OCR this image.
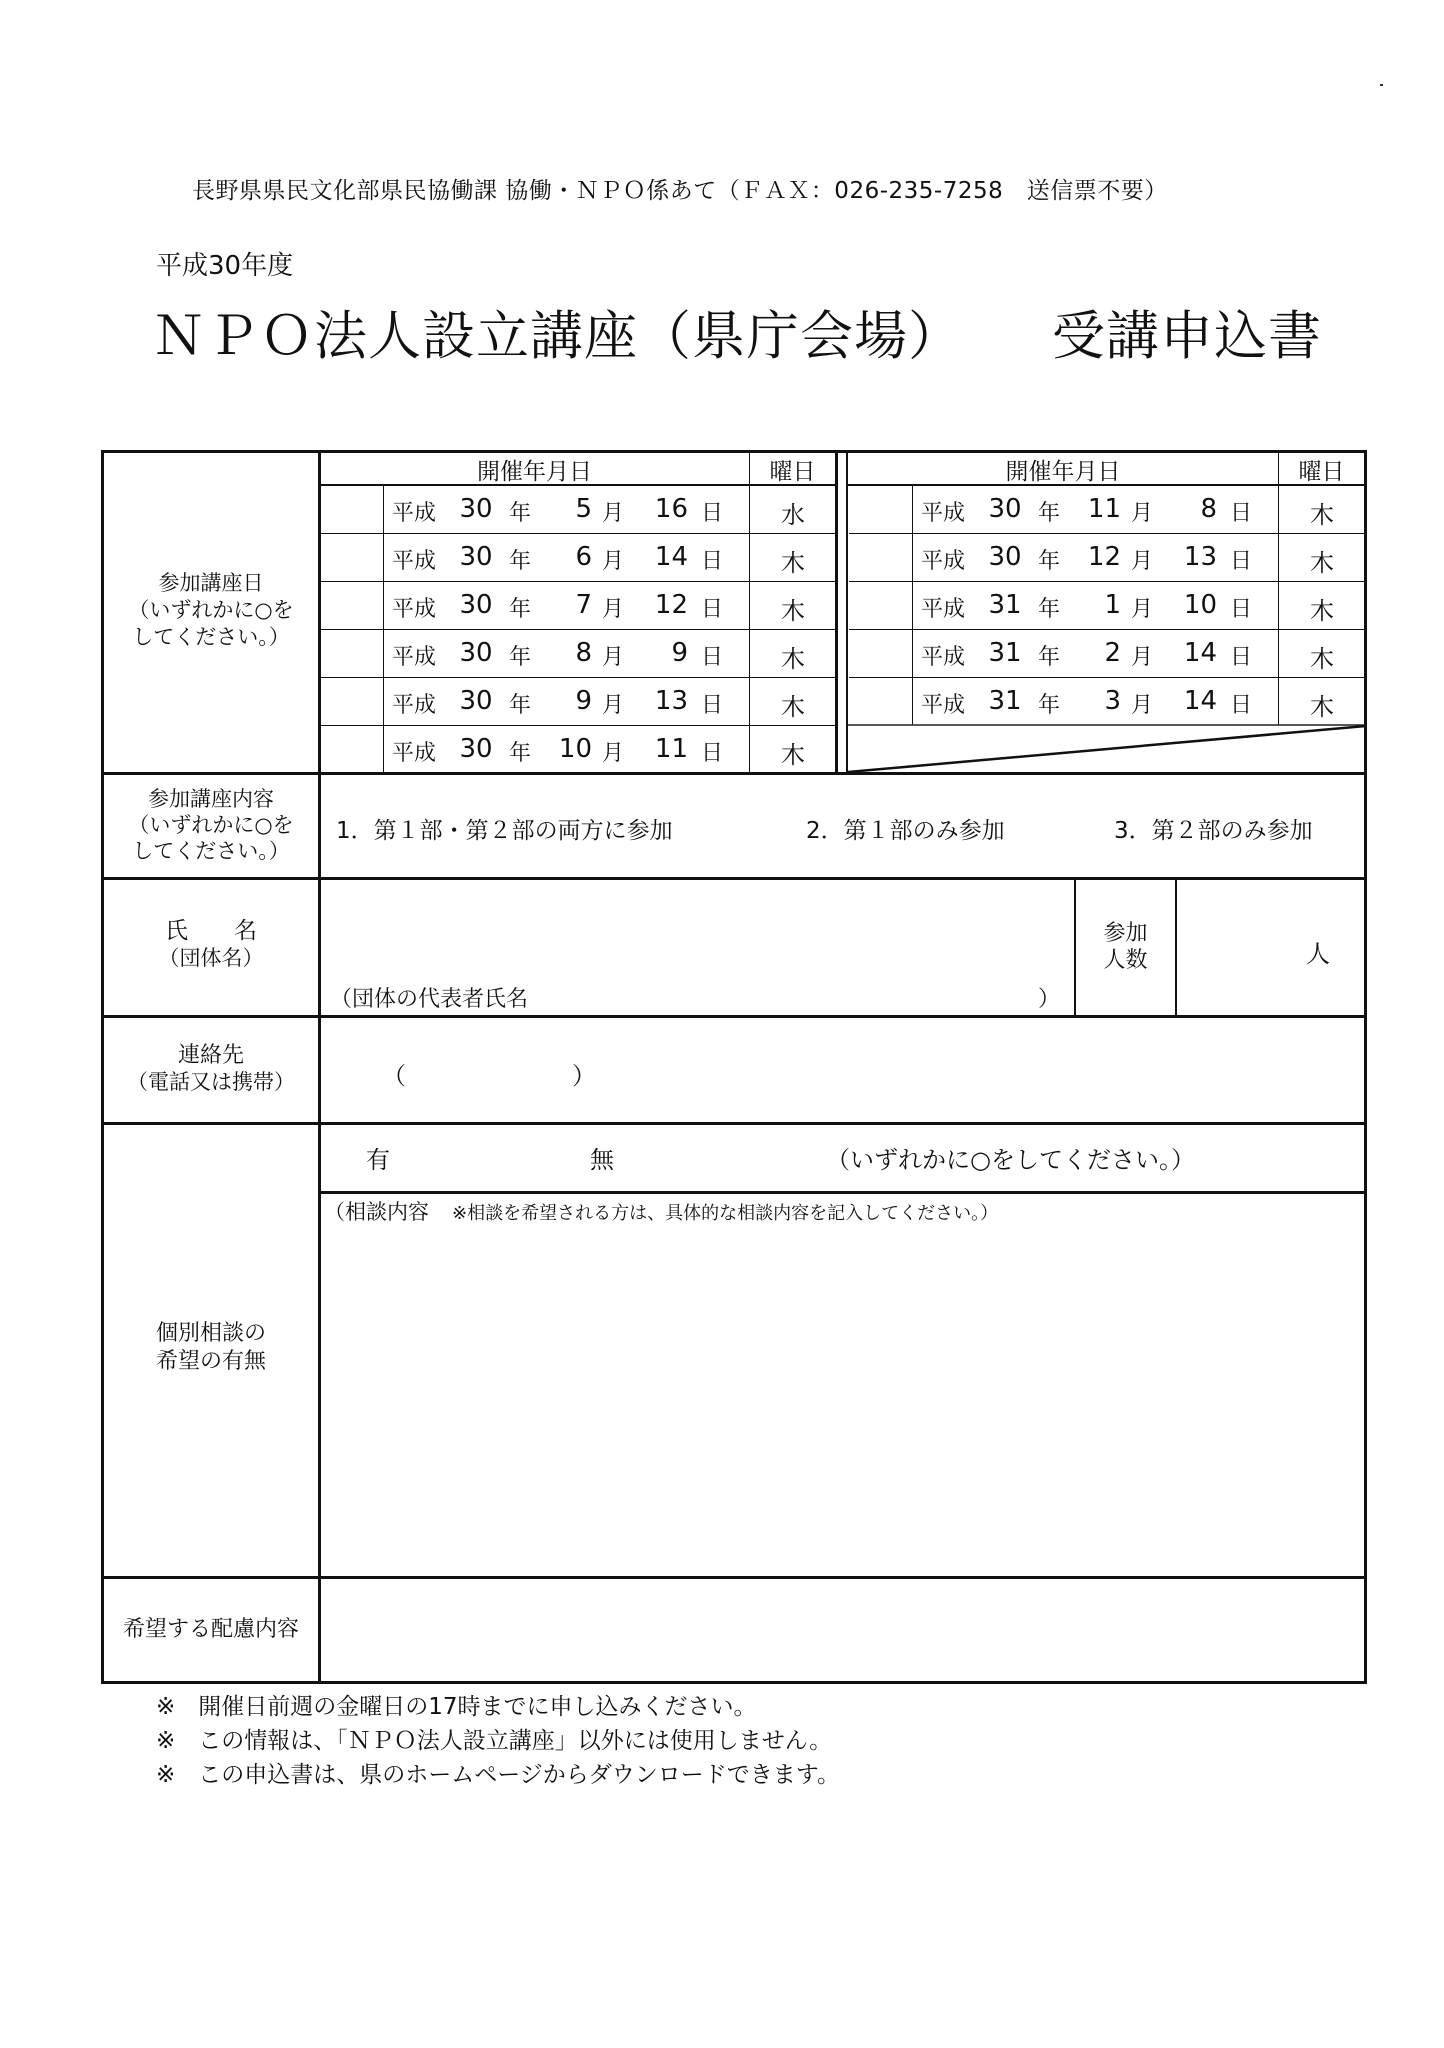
長野県県民文化部県民協働課 協働・ＮＰＯ係あて（ＦＡＸ：026-235-7258　送信票不要）
平成30年度
ＮＰＯ法人設立講座（県庁会場） 受講申込書
参加講座日
（いずれかに○を
してください。）
開催年月日	曜日	開催年月日	曜日
平成 30 年	5 月	16 日	水
平成 30 年	6 月	14 日	木
平成 30 年	7 月	12 日	木
平成 30 年	8 月	9 日	木
平成 30 年	9 月	13 日	木
平成 30 年	10 月	11 日	木
平成 30 年	11 月	8 日	木
平成 30 年	12 月	13 日	木
平成 31 年	1 月	10 日	木
平成 31 年	2 月	14 日	木
平成 31 年	3 月	14 日	木
参加講座内容
（いずれかに○を
してください。）
1．第１部・第２部の両方に参加	2．第１部のみ参加	3．第２部のみ参加
氏　　名
（団体名）
（団体の代表者氏名	）
参加
人数	人
連絡先
（電話又は携帯）	（	）
個別相談の
希望の有無
有	無	（いずれかに○をしてください。）
（相談内容 ※相談を希望される方は、具体的な相談内容を記入してください。）
希望する配慮内容
※　開催日前週の金曜日の17時までに申し込みください。
※　この情報は、「ＮＰＯ法人設立講座」以外には使用しません。
※　この申込書は、県のホームページからダウンロードできます。
